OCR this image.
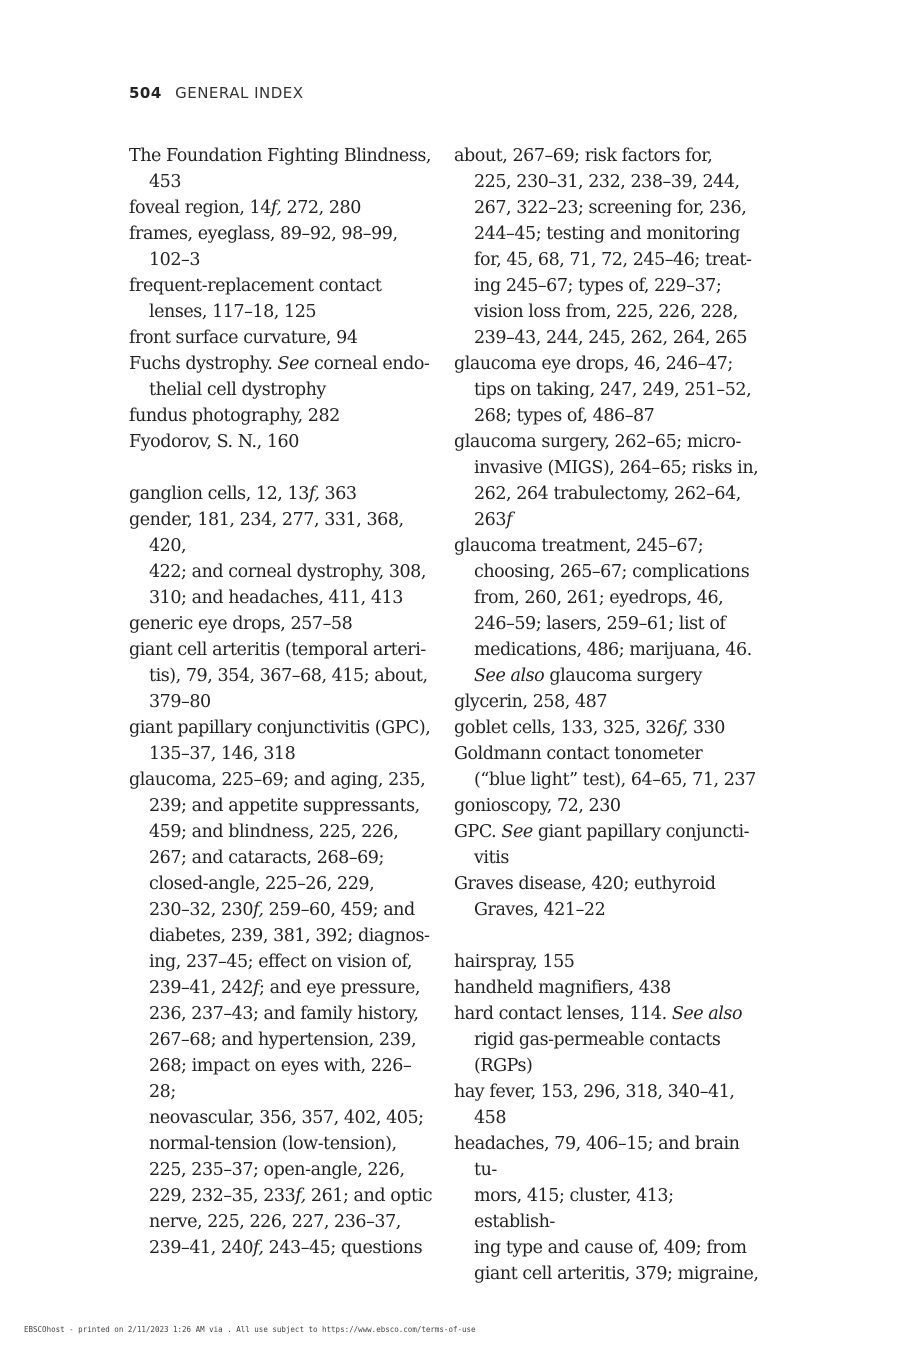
504 GENERAL INDEX
The Foundation Fighting Blindness,
453
foveal region, 14f, 272, 280
frames, eyeglass, 89–92, 98–99,
102–3
frequent-replacement contact
lenses, 117–18, 125
front surface curvature, 94
Fuchs dystrophy. See corneal endo-
thelial cell dystrophy
fundus photography, 282
Fyodorov, S. N., 160
ganglion cells, 12, 13f, 363
gender, 181, 234, 277, 331, 368, 420,
422; and corneal dystrophy, 308,
310; and headaches, 411, 413
generic eye drops, 257–58
giant cell arteritis (temporal arteri-
tis), 79, 354, 367–68, 415; about,
379–80
giant papillary conjunctivitis (GPC),
135–37, 146, 318
glaucoma, 225–69; and aging, 235,
239; and appetite suppressants,
459; and blindness, 225, 226,
267; and cataracts, 268–69;
closed-angle, 225–26, 229,
230–32, 230f, 259–60, 459; and
diabetes, 239, 381, 392; diagnos-
ing, 237–45; effect on vision of,
239–41, 242f; and eye pressure,
236, 237–43; and family history,
267–68; and hypertension, 239,
268; impact on eyes with, 226–28;
neovascular, 356, 357, 402, 405;
normal-tension (low-tension),
225, 235–37; open-angle, 226,
229, 232–35, 233f, 261; and optic
nerve, 225, 226, 227, 236–37,
239–41, 240f, 243–45; questions
about, 267–69; risk factors for,
225, 230–31, 232, 238–39, 244,
267, 322–23; screening for, 236,
244–45; testing and monitoring
for, 45, 68, 71, 72, 245–46; treat-
ing 245–67; types of, 229–37;
vision loss from, 225, 226, 228,
239–43, 244, 245, 262, 264, 265
glaucoma eye drops, 46, 246–47;
tips on taking, 247, 249, 251–52,
268; types of, 486–87
glaucoma surgery, 262–65; micro-
invasive (MIGS), 264–65; risks in,
262, 264 trabulectomy, 262–64,
263f
glaucoma treatment, 245–67;
choosing, 265–67; complications
from, 260, 261; eyedrops, 46,
246–59; lasers, 259–61; list of
medications, 486; marijuana, 46.
See also glaucoma surgery
glycerin, 258, 487
goblet cells, 133, 325, 326f, 330
Goldmann contact tonometer
(“blue light” test), 64–65, 71, 237
gonioscopy, 72, 230
GPC. See giant papillary conjuncti-
vitis
Graves disease, 420; euthyroid
Graves, 421–22
hairspray, 155
handheld magnifiers, 438
hard contact lenses, 114. See also
rigid gas-permeable contacts
(RGPs)
hay fever, 153, 296, 318, 340–41, 458
headaches, 79, 406–15; and brain tu-
mors, 415; cluster, 413; establish-
ing type and cause of, 409; from
giant cell arteritis, 379; migraine,
EBSCOhost - printed on 2/11/2023 1:26 AM via . All use subject to https://www.ebsco.com/terms-of-use
